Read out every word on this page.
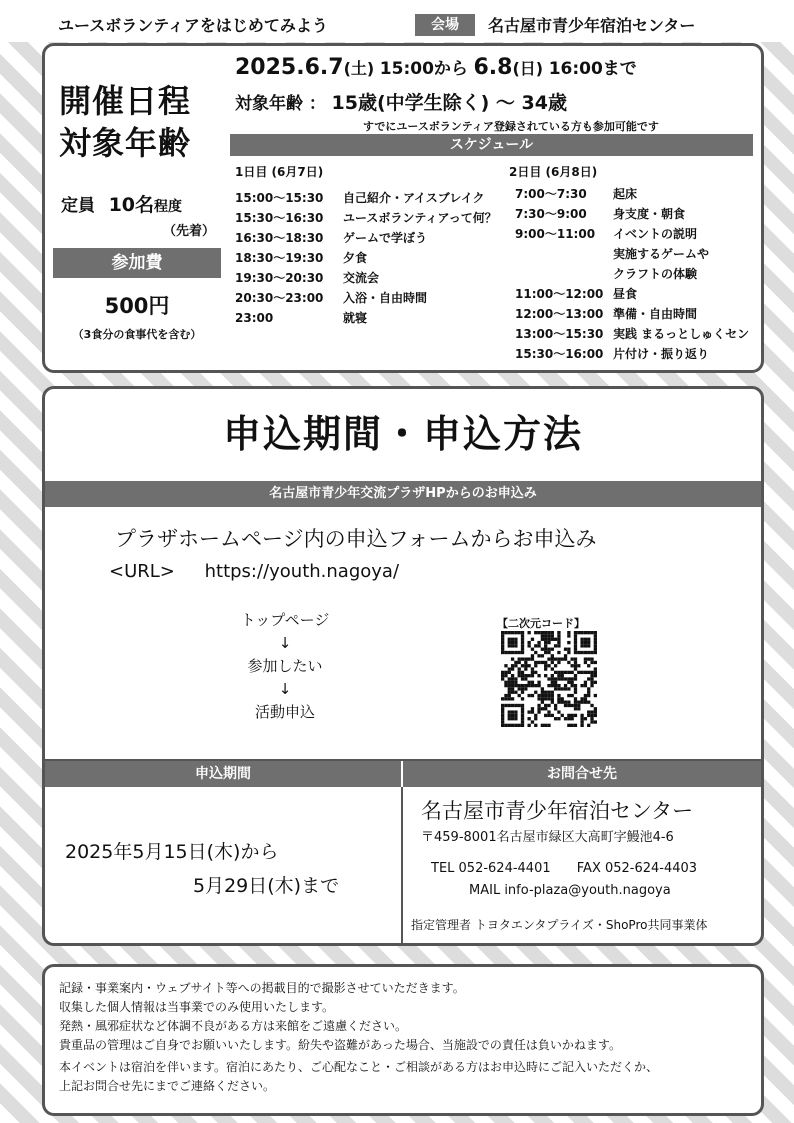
ユースボランティアをはじめてみよう	会場	名古屋市青少年宿泊センター
開催日程
対象年齢
2025.6.7(土) 15:00から 6.8(日) 16:00まで
対象年齢 ： 15歳(中学生除く) ～ 34歳
すでにユースボランティア登録されている方も参加可能です
定員 10名程度
（先着）
参加費
500円
（3食分の食事代を含む）
スケジュール
1日目 (6月7日)
15:00～15:30 自己紹介・アイスブレイク
15:30～16:30 ユースボランティアって何？
16:30～18:30 ゲームで学ぼう
18:30～19:30 夕食
19:30～20:30 交流会
20:30～23:00 入浴・自由時間
23:00	就寝
2日目 (6月8日)
7:00～7:30 起床
7:30～9:00 身支度・朝食
9:00～11:00 イベントの説明
実施するゲームや
クラフトの体験
11:00～12:00 昼食
12:00～13:00 準備・自由時間
13:00～15:30 実践 まるっとしゅくセン
15:30～16:00 片付け・振り返り
申込期間・申込方法
名古屋市青少年交流プラザHPからのお申込み
プラザホームページ内の申込フォームからお申込み
<URL> https://youth.nagoya/
トップページ
↓
参加したい
↓
活動申込
【二次元コード】
申込期間	お問合せ先
2025年5月15日(木)から
5月29日(木)まで
名古屋市青少年宿泊センター
〒459-8001名古屋市緑区大高町字鰻池4-6
TEL 052-624-4401 FAX 052-624-4403
MAIL info-plaza@youth.nagoya
指定管理者 トヨタエンタプライズ・ShoPro共同事業体
記録・事業案内・ウェブサイト等への掲載目的で撮影させていただきます。
収集した個人情報は当事業でのみ使用いたします。
発熱・風邪症状など体調不良がある方は来館をご遠慮ください。
貴重品の管理はご自身でお願いいたします。紛失や盗難があった場合、当施設での責任は負いかねます。
本イベントは宿泊を伴います。宿泊にあたり、ご心配なこと・ご相談がある方はお申込時にご記入いただくか、
上記お問合せ先にまでご連絡ください。
